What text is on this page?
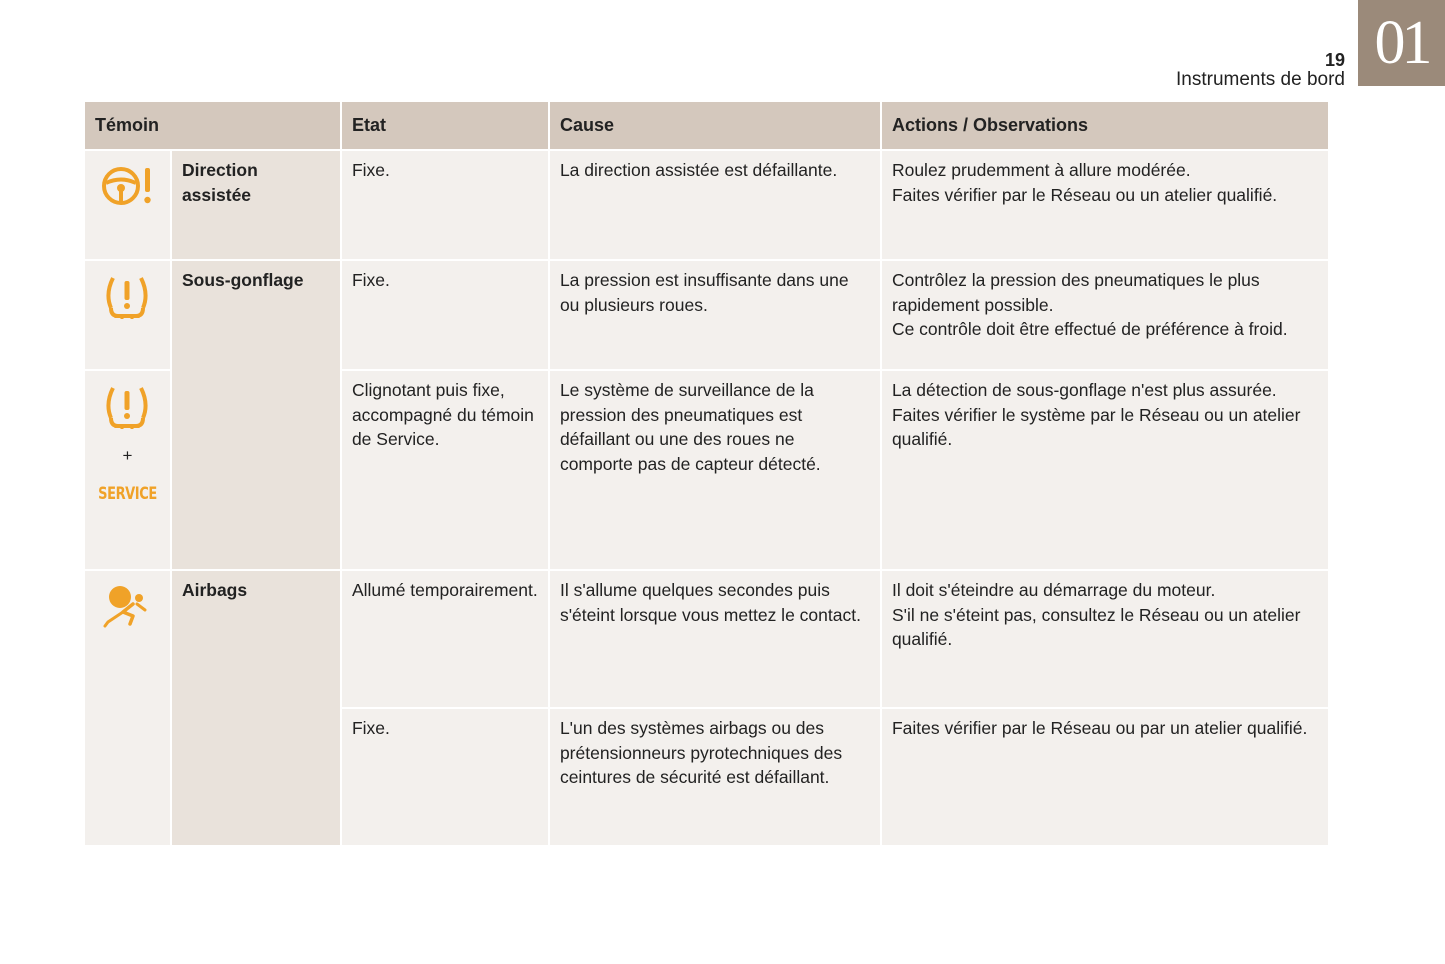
01
19
Instruments de bord
Témoin		Etat	Cause	Actions / Observations

	Direction assistée	Fixe.	La direction assistée est défaillante.	Roulez prudemment à allure modérée.
Faites vérifier par le Réseau ou un atelier qualifié.

	Sous-gonflage	Fixe.	La pression est insuffisante dans une ou plusieurs roues.	Contrôlez la pression des pneumatiques le plus rapidement possible.
Ce contrôle doit être effectué de préférence à froid.

+
SERVICE		Clignotant puis fixe, accompagné du témoin de Service.	Le système de surveillance de la pression des pneumatiques est défaillant ou une des roues ne comporte pas de capteur détecté.	La détection de sous-gonflage n'est plus assurée.
Faites vérifier le système par le Réseau ou un atelier qualifié.

	Airbags	Allumé temporairement.	Il s'allume quelques secondes puis s'éteint lorsque vous mettez le contact.	Il doit s'éteindre au démarrage du moteur.
S'il ne s'éteint pas, consultez le Réseau ou un atelier qualifié.

		Fixe.	L'un des systèmes airbags ou des prétensionneurs pyrotechniques des ceintures de sécurité est défaillant.	Faites vérifier par le Réseau ou par un atelier qualifié.
